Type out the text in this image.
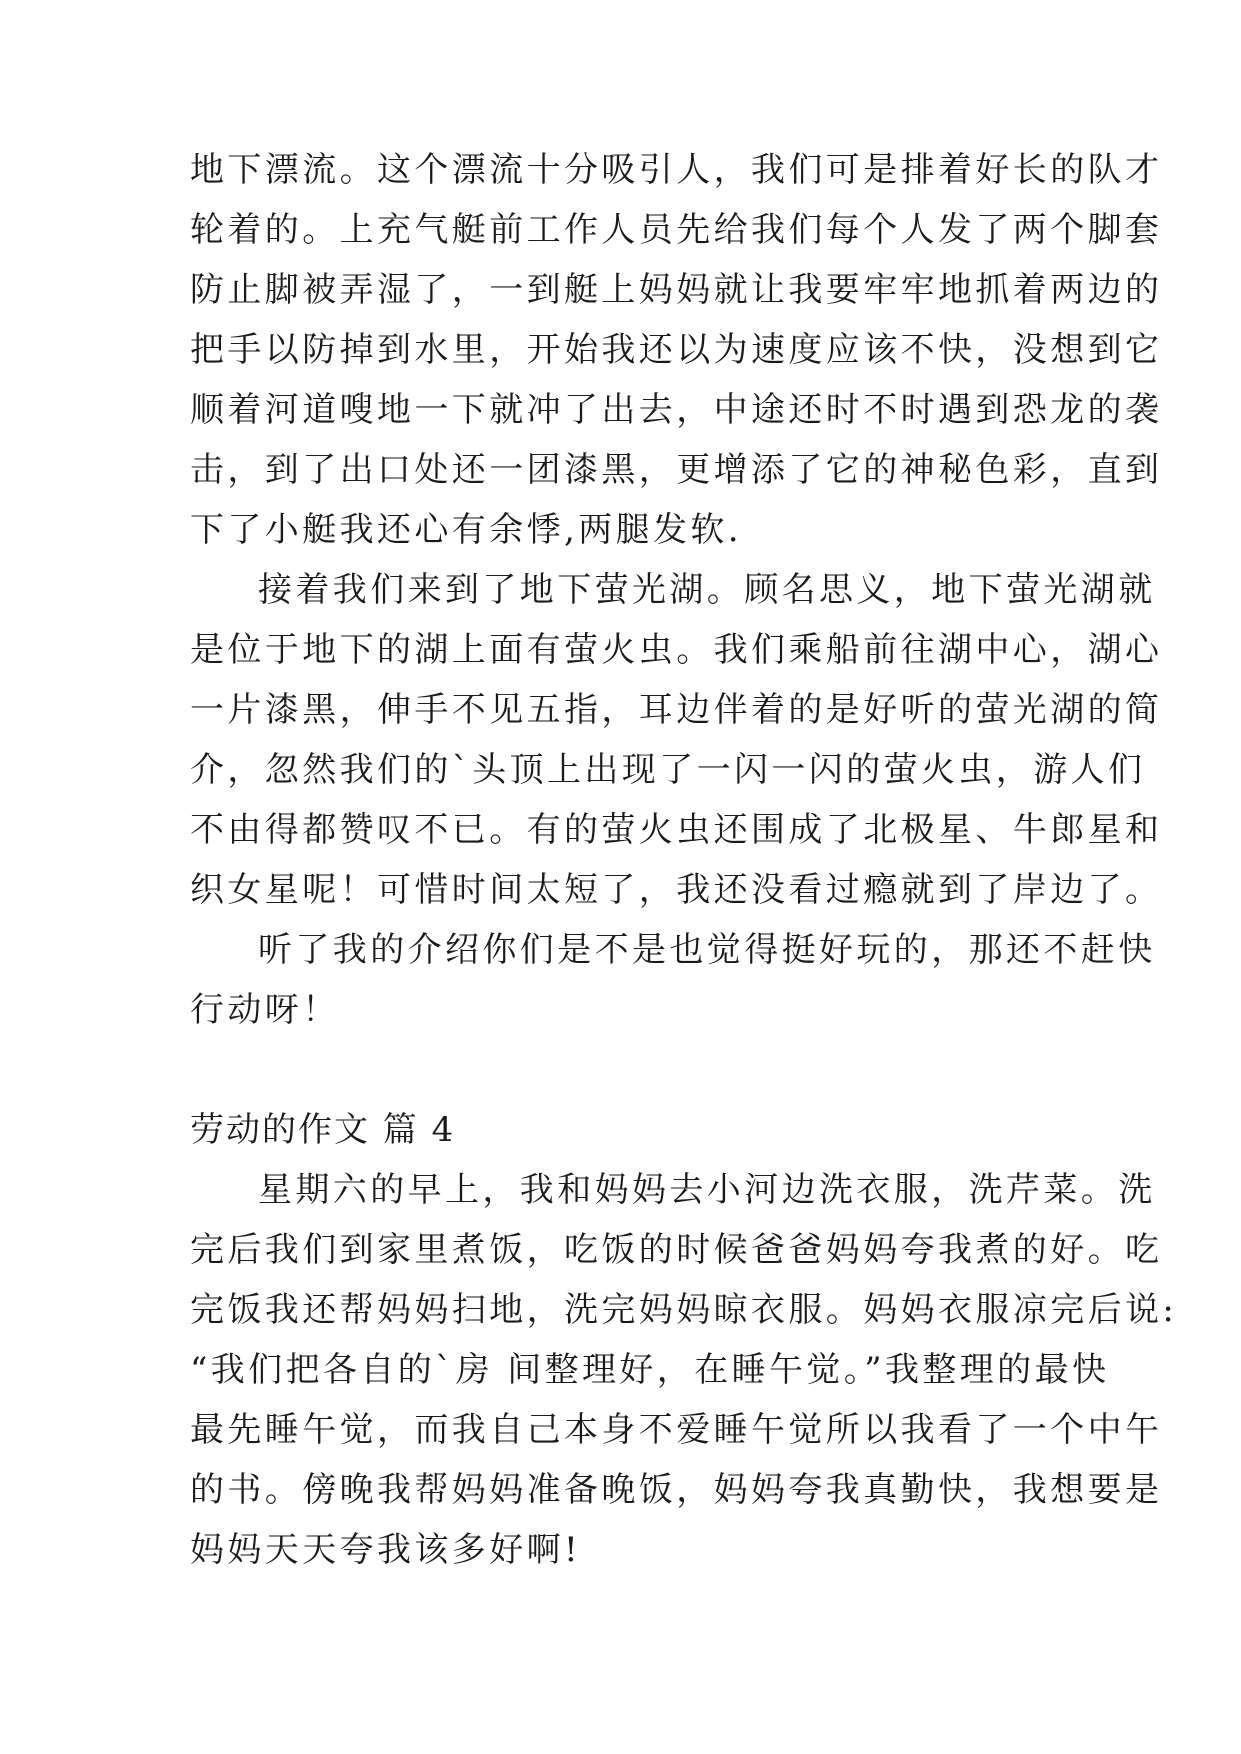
地下漂流。这个漂流十分吸引人，我们可是排着好长的队才
轮着的。上充气艇前工作人员先给我们每个人发了两个脚套
防止脚被弄湿了，一到艇上妈妈就让我要牢牢地抓着两边的
把手以防掉到水里，开始我还以为速度应该不快，没想到它
顺着河道嗖地一下就冲了出去，中途还时不时遇到恐龙的袭
击，到了出口处还一团漆黑，更增添了它的神秘色彩，直到
下了小艇我还心有余悸,两腿发软.
接着我们来到了地下萤光湖。顾名思义，地下萤光湖就
是位于地下的湖上面有萤火虫。我们乘船前往湖中心，湖心
一片漆黑，伸手不见五指，耳边伴着的是好听的萤光湖的简
介，忽然我们的`头顶上出现了一闪一闪的萤火虫，游人们
不由得都赞叹不已。有的萤火虫还围成了北极星、牛郎星和
织女星呢！可惜时间太短了，我还没看过瘾就到了岸边了。
听了我的介绍你们是不是也觉得挺好玩的，那还不赶快
行动呀！
劳动的作文 篇 4
星期六的早上，我和妈妈去小河边洗衣服，洗芹菜。洗
完后我们到家里煮饭，吃饭的时候爸爸妈妈夸我煮的好。吃
完饭我还帮妈妈扫地，洗完妈妈晾衣服。妈妈衣服凉完后说:
“我们把各自的`房 间整理好，在睡午觉。”我整理的最快
最先睡午觉，而我自己本身不爱睡午觉所以我看了一个中午
的书。傍晚我帮妈妈准备晚饭，妈妈夸我真勤快，我想要是
妈妈天天夸我该多好啊!
